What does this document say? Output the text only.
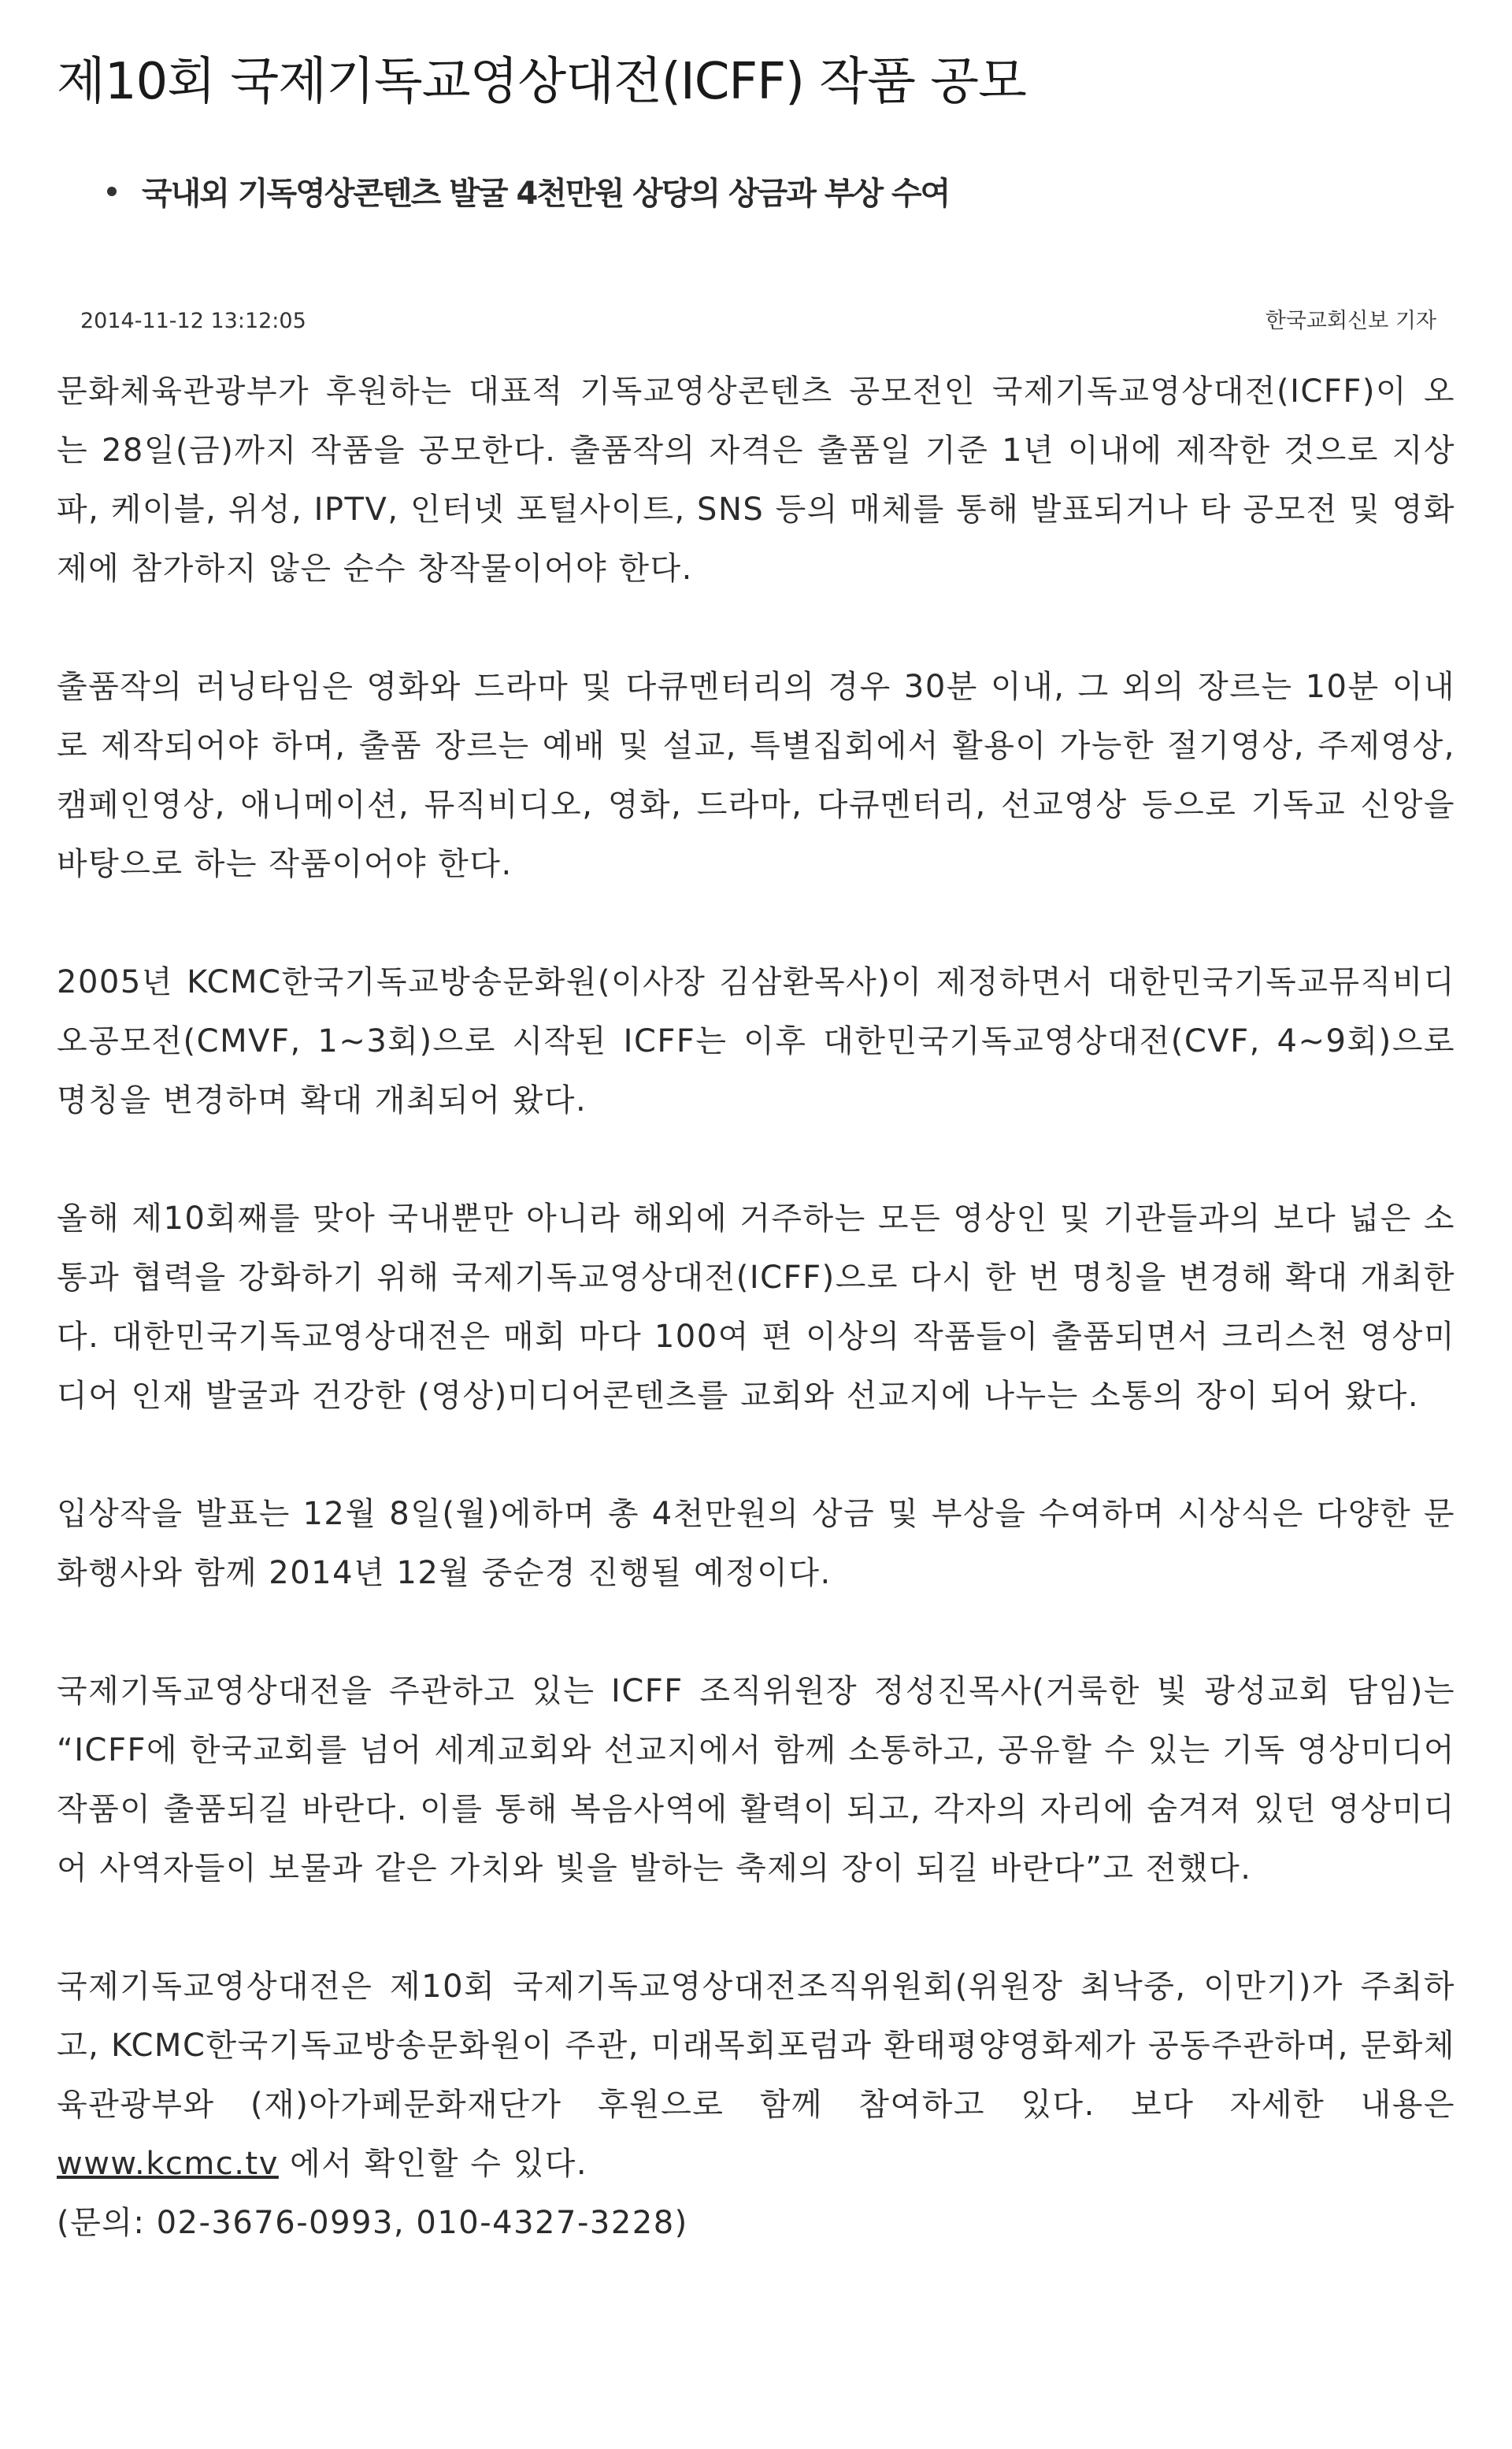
제10회 국제기독교영상대전(ICFF) 작품 공모
국내외 기독영상콘텐츠 발굴 4천만원 상당의 상금과 부상 수여
2014-11-12 13:12:05	한국교회신보 기자

문화체육관광부가 후원하는 대표적 기독교영상콘텐츠 공모전인 국제기독교영상대전(ICFF)이 오는 28일(금)까지 작품을 공모한다. 출품작의 자격은 출품일 기준 1년 이내에 제작한 것으로 지상파, 케이블, 위성, IPTV, 인터넷 포털사이트, SNS 등의 매체를 통해 발표되거나 타 공모전 및 영화제에 참가하지 않은 순수 창작물이어야 한다.

출품작의 러닝타임은 영화와 드라마 및 다큐멘터리의 경우 30분 이내, 그 외의 장르는 10분 이내로 제작되어야 하며, 출품 장르는 예배 및 설교, 특별집회에서 활용이 가능한 절기영상, 주제영상, 캠페인영상, 애니메이션, 뮤직비디오, 영화, 드라마, 다큐멘터리, 선교영상 등으로 기독교 신앙을 바탕으로 하는 작품이어야 한다.

2005년 KCMC한국기독교방송문화원(이사장 김삼환목사)이 제정하면서 대한민국기독교뮤직비디오공모전(CMVF, 1~3회)으로 시작된 ICFF는 이후 대한민국기독교영상대전(CVF, 4~9회)으로 명칭을 변경하며 확대 개최되어 왔다.

올해 제10회째를 맞아 국내뿐만 아니라 해외에 거주하는 모든 영상인 및 기관들과의 보다 넓은 소통과 협력을 강화하기 위해 국제기독교영상대전(ICFF)으로 다시 한 번 명칭을 변경해 확대 개최한다. 대한민국기독교영상대전은 매회 마다 100여 편 이상의 작품들이 출품되면서 크리스천 영상미디어 인재 발굴과 건강한 (영상)미디어콘텐츠를 교회와 선교지에 나누는 소통의 장이 되어 왔다.

입상작을 발표는 12월 8일(월)에하며 총 4천만원의 상금 및 부상을 수여하며 시상식은 다양한 문화행사와 함께 2014년 12월 중순경 진행될 예정이다.

국제기독교영상대전을 주관하고 있는 ICFF 조직위원장 정성진목사(거룩한 빛 광성교회 담임)는 “ICFF에 한국교회를 넘어 세계교회와 선교지에서 함께 소통하고, 공유할 수 있는 기독 영상미디어 작품이 출품되길 바란다. 이를 통해 복음사역에 활력이 되고, 각자의 자리에 숨겨져 있던 영상미디어 사역자들이 보물과 같은 가치와 빛을 발하는 축제의 장이 되길 바란다”고 전했다.

국제기독교영상대전은 제10회 국제기독교영상대전조직위원회(위원장 최낙중, 이만기)가 주최하고, KCMC한국기독교방송문화원이 주관, 미래목회포럼과 환태평양영화제가 공동주관하며, 문화체육관광부와 (재)아가페문화재단가 후원으로 함께 참여하고 있다. 보다 자세한 내용은 www.kcmc.tv 에서 확인할 수 있다.

(문의: 02-3676-0993, 010-4327-3228)
